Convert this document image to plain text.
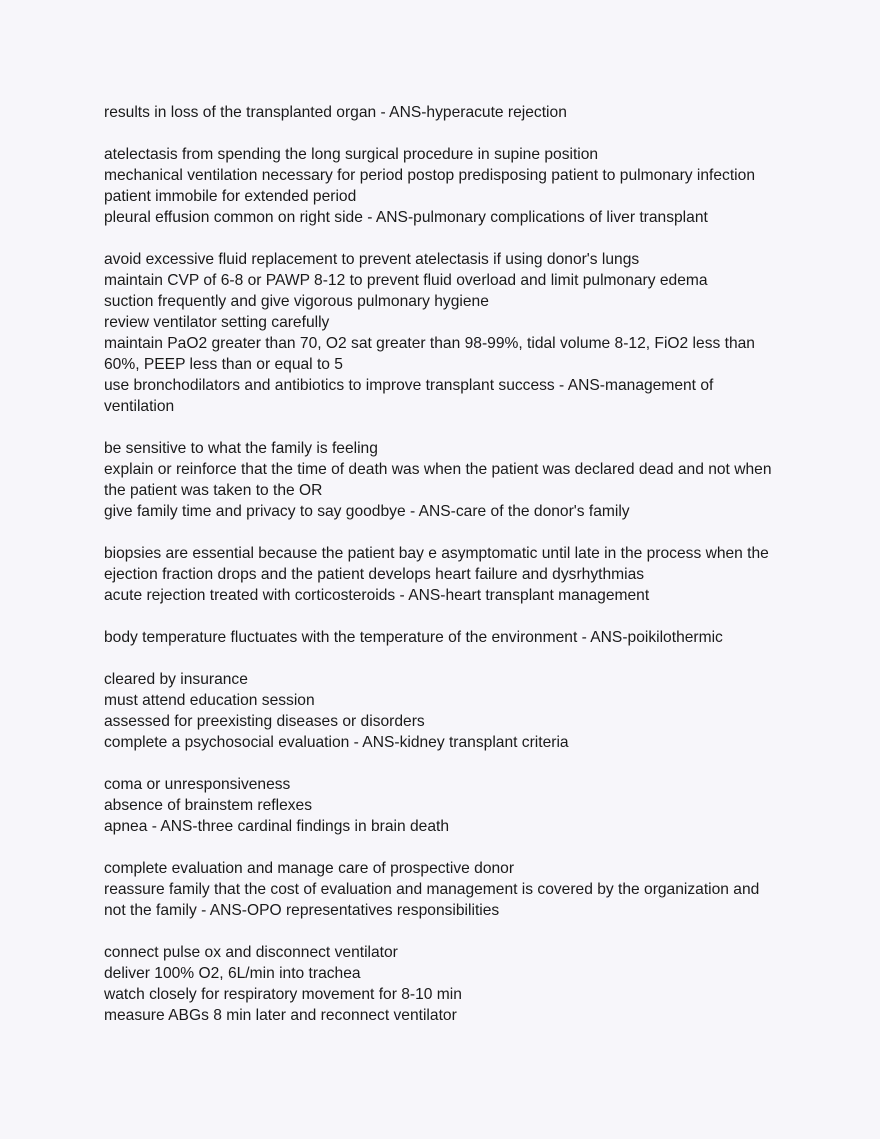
results in loss of the transplanted organ - ANS-hyperacute rejection
atelectasis from spending the long surgical procedure in supine position
mechanical ventilation necessary for period postop predisposing patient to pulmonary infection
patient immobile for extended period
pleural effusion common on right side - ANS-pulmonary complications of liver transplant
avoid excessive fluid replacement to prevent atelectasis if using donor's lungs
maintain CVP of 6-8 or PAWP 8-12 to prevent fluid overload and limit pulmonary edema
suction frequently and give vigorous pulmonary hygiene
review ventilator setting carefully
maintain PaO2 greater than 70, O2 sat greater than 98-99%, tidal volume 8-12, FiO2 less than 60%, PEEP less than or equal to 5
use bronchodilators and antibiotics to improve transplant success - ANS-management of ventilation
be sensitive to what the family is feeling
explain or reinforce that the time of death was when the patient was declared dead and not when the patient was taken to the OR
give family time and privacy to say goodbye - ANS-care of the donor's family
biopsies are essential because the patient bay e asymptomatic until late in the process when the ejection fraction drops and the patient develops heart failure and dysrhythmias
acute rejection treated with corticosteroids - ANS-heart transplant management
body temperature fluctuates with the temperature of the environment - ANS-poikilothermic
cleared by insurance
must attend education session
assessed for preexisting diseases or disorders
complete a psychosocial evaluation - ANS-kidney transplant criteria
coma or unresponsiveness
absence of brainstem reflexes
apnea - ANS-three cardinal findings in brain death
complete evaluation and manage care of prospective donor
reassure family that the cost of evaluation and management is covered by the organization and not the family - ANS-OPO representatives responsibilities
connect pulse ox and disconnect ventilator
deliver 100% O2, 6L/min into trachea
watch closely for respiratory movement for 8-10 min
measure ABGs 8 min later and reconnect ventilator
